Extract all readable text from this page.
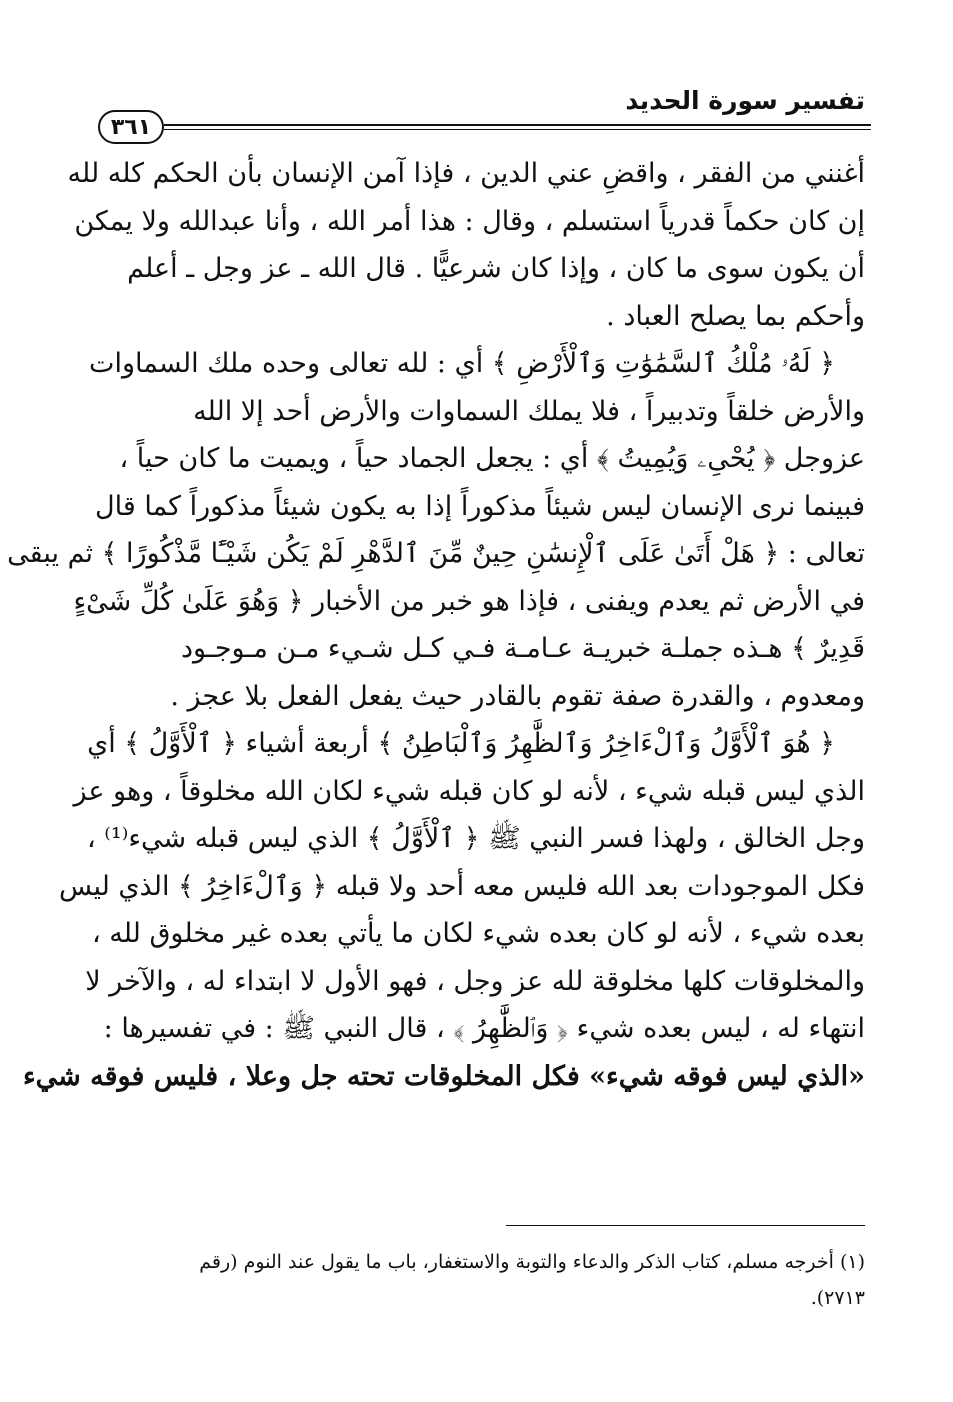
تفسير سورة الحديد
٣٦١
أغنني من الفقر ، واقضِ عني الدين ، فإذا آمن الإنسان بأن الحكم كله لله
إن كان حكماً قدرياً استسلم ، وقال : هذا أمر الله ، وأنا عبدالله ولا يمكن
أن يكون سوى ما كان ، وإذا كان شرعيًّا . قال الله ـ عز وجل ـ أعلم
وأحكم بما يصلح العباد .
﴿ لَهُۥ مُلْكُ ٱلسَّمَٰوَٰتِ وَٱلْأَرْضِ ﴾ أي : لله تعالى وحده ملك السماوات
والأرض خلقاً وتدبيراً ، فلا يملك السماوات والأرض أحد إلا الله
عزوجل ﴿ يُحْىِۦ وَيُمِيتُ ﴾ أي : يجعل الجماد حياً ، ويميت ما كان حياً ،
فبينما نرى الإنسان ليس شيئاً مذكوراً إذا به يكون شيئاً مذكوراً كما قال
تعالى : ﴿ هَلْ أَتَىٰ عَلَى ٱلْإِنسَٰنِ حِينٌ مِّنَ ٱلدَّهْرِ لَمْ يَكُن شَيْـًٔا مَّذْكُورًا ﴾ ثم يبقى
في الأرض ثم يعدم ويفنى ، فإذا هو خبر من الأخبار ﴿ وَهُوَ عَلَىٰ كُلِّ شَىْءٍ
قَدِيرٌ ﴾ هـذه جملـة خبريـة عـامـة فـي كـل شـيء مـن مـوجـود
ومعدوم ، والقدرة صفة تقوم بالقادر حيث يفعل الفعل بلا عجز .
﴿ هُوَ ٱلْأَوَّلُ وَٱلْءَاخِرُ وَٱلظَّٰهِرُ وَٱلْبَاطِنُ ﴾ أربعة أشياء ﴿ ٱلْأَوَّلُ ﴾ أي
الذي ليس قبله شيء ، لأنه لو كان قبله شيء لكان الله مخلوقاً ، وهو عز
وجل الخالق ، ولهذا فسر النبي ﷺ ﴿ ٱلْأَوَّلُ ﴾ الذي ليس قبله شيء⁽¹⁾ ،
فكل الموجودات بعد الله فليس معه أحد ولا قبله ﴿ وَٱلْءَاخِرُ ﴾ الذي ليس
بعده شيء ، لأنه لو كان بعده شيء لكان ما يأتي بعده غير مخلوق لله ،
والمخلوقات كلها مخلوقة لله عز وجل ، فهو الأول لا ابتداء له ، والآخر لا
انتهاء له ، ليس بعده شيء ﴿ وَٱلظَّٰهِرُ ﴾ ، قال النبي ﷺ : في تفسيرها :
«الذي ليس فوقه شيء» فكل المخلوقات تحته جل وعلا ، فليس فوقه شيء
(١) أخرجه مسلم، كتاب الذكر والدعاء والتوبة والاستغفار، باب ما يقول عند النوم (رقم
٢٧١٣).
